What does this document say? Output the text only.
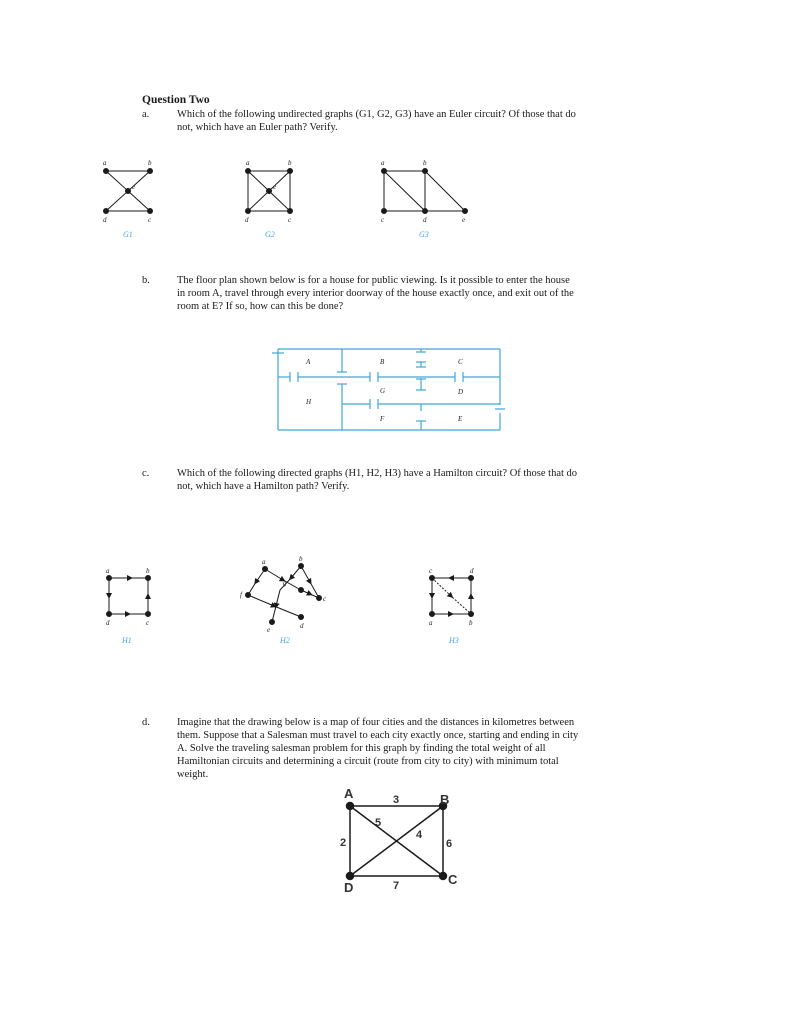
Question Two
a.	Which of the following undirected graphs (G1, G2, G3) have an Euler circuit? Of those that do
not, which have an Euler path? Verify.
b.	The floor plan shown below is for a house for public viewing. Is it possible to enter the house
in room A, travel through every interior doorway of the house exactly once, and exit out of the
room at E? If so, how can this be done?
c.	Which of the following directed graphs (H1, H2, H3) have a Hamilton circuit? Of those that do
not, which have a Hamilton path? Verify.
d.	Imagine that the drawing below is a map of four cities and the distances in kilometres between
them. Suppose that a Salesman must travel to each city exactly once, starting and ending in city
A. Solve the traveling salesman problem for this graph by finding the total weight of all
Hamiltonian circuits and determining a circuit (route from city to city) with minimum total
weight.
a	b
e
d	c
G1
a	b
e
d	c
G2
a	b
c	d	e
G3
A	B	C
D
E
F
G
H
a	b
d	c
H1
a	b
g
f	c
e	d
H2
c	d
a	b
H3
A	B
C
D
3
5
4
2	6
7
